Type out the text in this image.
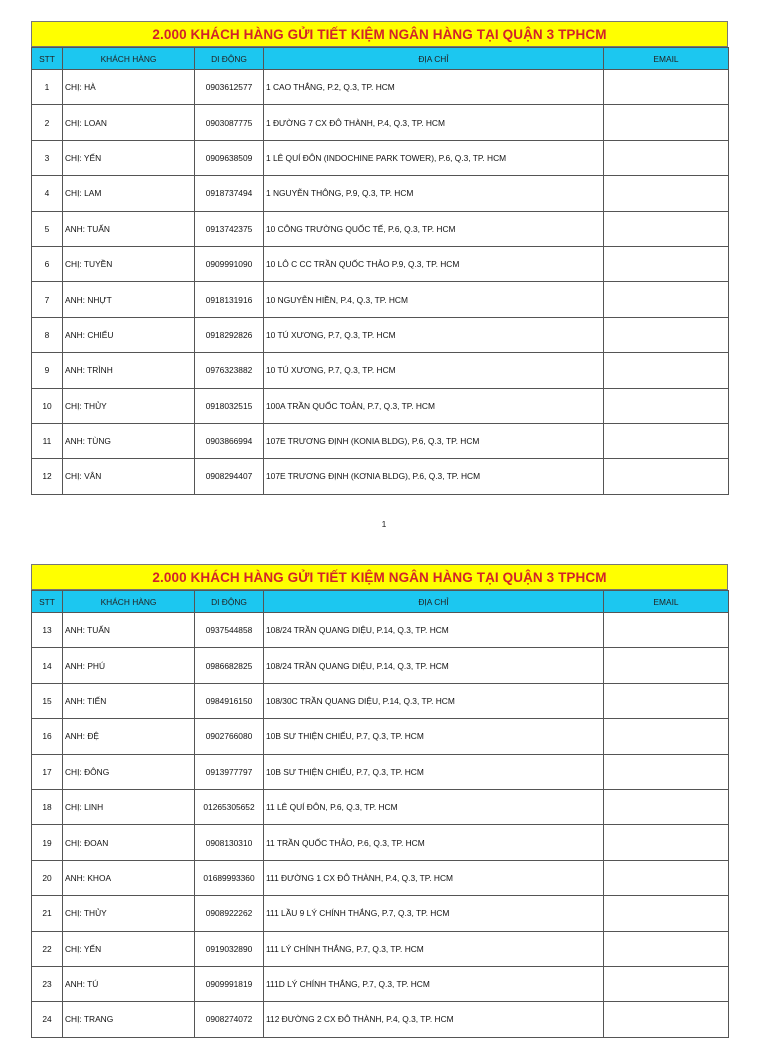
2.000 KHÁCH HÀNG GỬI TIẾT KIỆM NGÂN HÀNG TẠI QUẬN 3 TPHCM
STT	KHÁCH HÀNG	DI ĐỘNG	ĐỊA CHỈ	EMAIL
1	CHỊ: HÀ	0903612577	1 CAO THẮNG, P.2, Q.3, TP. HCM	
2	CHỊ: LOAN	0903087775	1 ĐƯỜNG 7 CX ĐÔ THÀNH, P.4, Q.3, TP. HCM	
3	CHỊ: YẾN	0909638509	1 LÊ QUÍ ĐÔN (INDOCHINE PARK TOWER), P.6, Q.3, TP. HCM	
4	CHỊ: LAM	0918737494	1 NGUYỄN THÔNG, P.9, Q.3, TP. HCM	
5	ANH: TUẤN	0913742375	10 CÔNG TRƯỜNG QUỐC TẾ, P.6, Q.3, TP. HCM	
6	CHỊ: TUYỀN	0909991090	10 LÔ C CC TRẦN QUỐC THẢO P.9, Q.3, TP. HCM	
7	ANH: NHỰT	0918131916	10 NGUYỄN HIỀN, P.4, Q.3, TP. HCM	
8	ANH: CHIỂU	0918292826	10 TÚ XƯƠNG, P.7, Q.3, TP. HCM	
9	ANH: TRÌNH	0976323882	10 TÚ XƯƠNG, P.7, Q.3, TP. HCM	
10	CHỊ: THỦY	0918032515	100A TRẦN QUỐC TOẢN, P.7, Q.3, TP. HCM	
11	ANH: TÙNG	0903866994	107E TRƯƠNG ĐỊNH (KONIA BLDG), P.6, Q.3, TP. HCM	
12	CHỊ: VÂN	0908294407	107E TRƯƠNG ĐỊNH (KƠNIA BLDG), P.6, Q.3, TP. HCM	
1
2.000 KHÁCH HÀNG GỬI TIẾT KIỆM NGÂN HÀNG TẠI QUẬN 3 TPHCM
STT	KHÁCH HÀNG	DI ĐỘNG	ĐỊA CHỈ	EMAIL
13	ANH: TUẤN	0937544858	108/24 TRẦN QUANG DIỆU, P.14, Q.3, TP. HCM	
14	ANH: PHÚ	0986682825	108/24 TRẦN QUANG DIỆU, P.14, Q.3, TP. HCM	
15	ANH: TIẾN	0984916150	108/30C TRẦN QUANG DIỆU, P.14, Q.3, TP. HCM	
16	ANH: ĐỆ	0902766080	10B SƯ THIỆN CHIẾU, P.7, Q.3, TP. HCM	
17	CHỊ: ĐÔNG	0913977797	10B SƯ THIỆN CHIẾU, P.7, Q.3, TP. HCM	
18	CHỊ: LINH	01265305652	11 LÊ QUÍ ĐÔN, P.6, Q.3, TP. HCM	
19	CHỊ: ĐOAN	0908130310	11 TRẦN QUỐC THẢO, P.6, Q.3, TP. HCM	
20	ANH: KHOA	01689993360	111 ĐƯỜNG 1 CX ĐÔ THÀNH, P.4, Q.3, TP. HCM	
21	CHỊ: THỦY	0908922262	111 LẦU 9 LÝ CHÍNH THẮNG, P.7, Q.3, TP. HCM	
22	CHỊ: YẾN	0919032890	111 LÝ CHÍNH THẮNG, P.7, Q.3, TP. HCM	
23	ANH: TÚ	0909991819	111D LÝ CHÍNH THẮNG, P.7, Q.3, TP. HCM	
24	CHỊ: TRANG	0908274072	112 ĐƯỜNG 2 CX ĐÔ THÀNH, P.4, Q.3, TP. HCM	
